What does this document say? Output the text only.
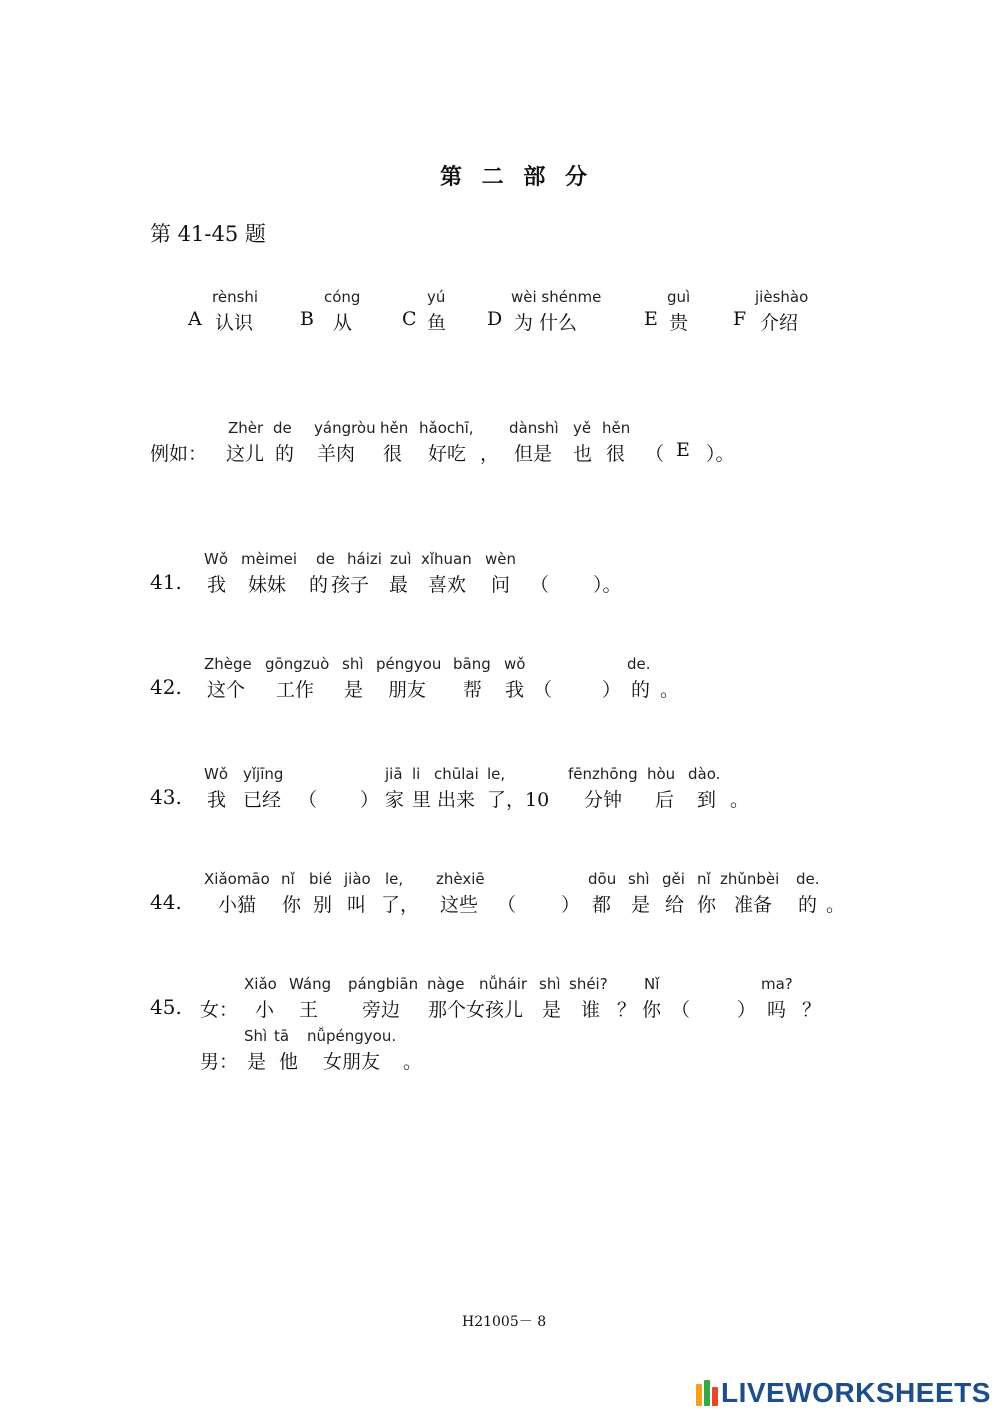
第 二 部 分
第 41-45 题
rènshi
A 认识
cóng
B 从
yú
C 鱼
wèi shénme
D 为 什么
guì
E 贵
jièshào
F 介绍
Zhèr de yángròu hěn hǎochī, dànshì yě hěn
例如： 这儿 的 羊肉 很 好吃 ， 但是 也 很 （ E ）。
Wǒ mèimei de háizi zuì xǐhuan wèn
41. 我 妹妹 的 孩子 最 喜欢 问 （ ）。
Zhège gōngzuò shì péngyou bāng wǒ	de.
42. 这个 工作 是 朋友 帮 我 （	） 的 。
Wǒ yǐjīng	jiā li chūlai le,	fēnzhōng hòu dào.
43. 我 已经 （ ） 家 里 出来 了，10 分钟 后 到 。
Xiǎomāo nǐ bié jiào le, zhèxiē	dōu shì gěi nǐ zhǔnbèi de.
44. 小猫 你 别 叫 了， 这些 （ ） 都 是 给 你 准备 的 。
Xiǎo Wáng pángbiān nàge nǚháir shì shéi? Nǐ	ma?
45. 女： 小 王 旁边 那个 女孩儿 是 谁 ？ 你 （ ） 吗 ？
Shì tā nǚpéngyou.
男： 是 他 女朋友 。
H21005－ 8
LIVEWORKSHEETS
